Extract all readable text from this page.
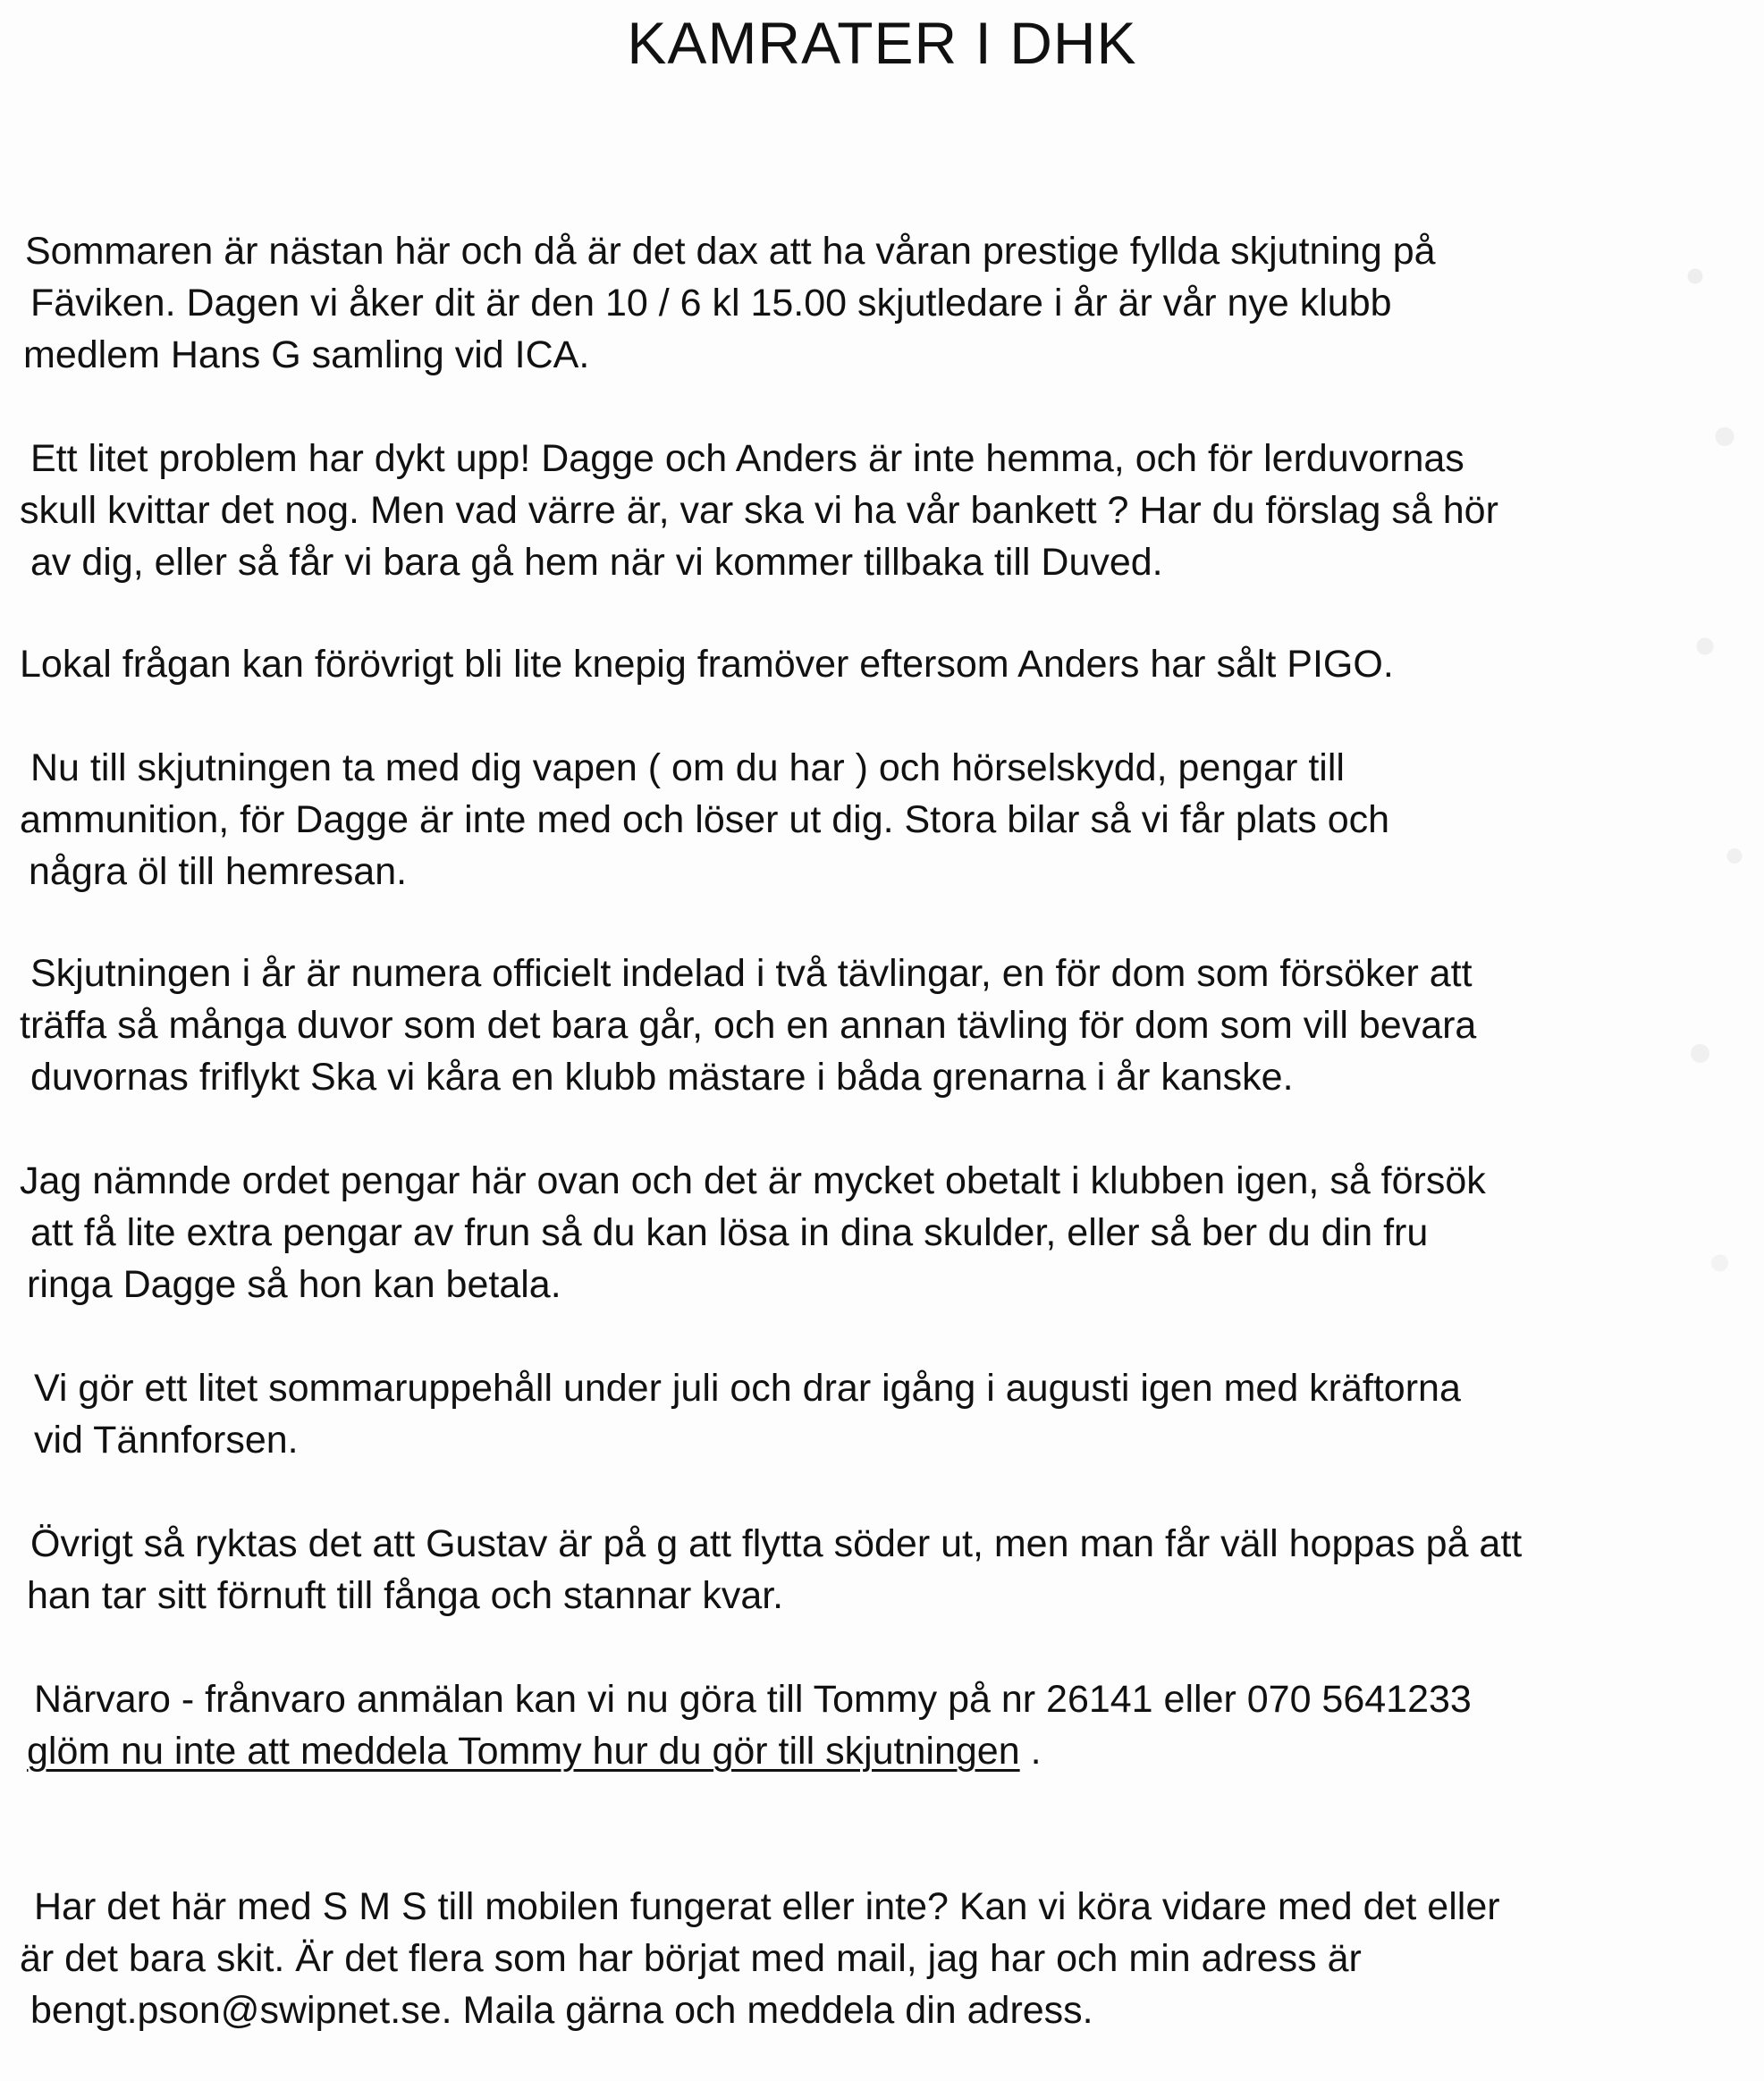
KAMRATER I DHK

Sommaren är nästan här och då är det dax att ha våran prestige fyllda skjutning på
Fäviken. Dagen vi åker dit är den 10 / 6 kl 15.00 skjutledare i år är vår nye klubb
medlem Hans G samling vid ICA.

Ett litet problem har dykt upp! Dagge och Anders är inte hemma, och för lerduvornas
skull kvittar det nog. Men vad värre är, var ska vi ha vår bankett ? Har du förslag så hör
av dig, eller så får vi bara gå hem när vi kommer tillbaka till Duved.

Lokal frågan kan förövrigt bli lite knepig framöver eftersom Anders har sålt PIGO.

Nu till skjutningen ta med dig vapen ( om du har ) och hörselskydd, pengar till
ammunition, för Dagge är inte med och löser ut dig. Stora bilar så vi får plats och
några öl till hemresan.

Skjutningen i år är numera officielt indelad i två tävlingar, en för dom som försöker att
träffa så många duvor som det bara går, och en annan tävling för dom som vill bevara
duvornas friflykt Ska vi kåra en klubb mästare i båda grenarna i år kanske.

Jag nämnde ordet pengar här ovan och det är mycket obetalt i klubben igen, så försök
att få lite extra pengar av frun så du kan lösa in dina skulder, eller så ber du din fru
ringa Dagge så hon kan betala.

Vi gör ett litet sommaruppehåll under juli och drar igång i augusti igen med kräftorna
vid Tännforsen.

Övrigt så ryktas det att Gustav är på g att flytta söder ut, men man får väll hoppas på att
han tar sitt förnuft till fånga och stannar kvar.

Närvaro - frånvaro anmälan kan vi nu göra till Tommy på nr 26141 eller 070 5641233
glöm nu inte att meddela Tommy hur du gör till skjutningen .

Har det här med S M S till mobilen fungerat eller inte? Kan vi köra vidare med det eller
är det bara skit. Är det flera som har börjat med mail, jag har och min adress är
bengt.pson@swipnet.se. Maila gärna och meddela din adress.
